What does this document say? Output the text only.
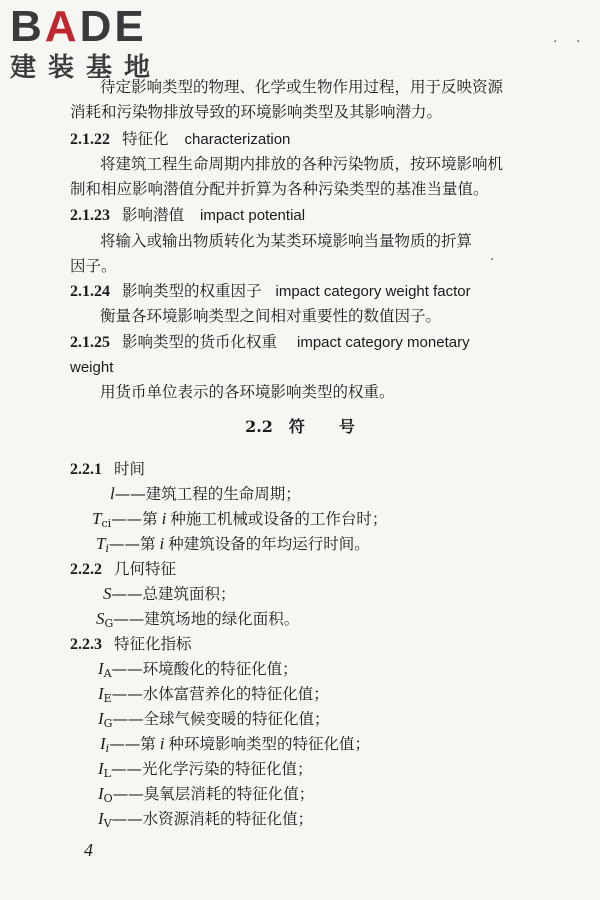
BADE
建装基地
· ·
·
待定影响类型的物理、化学或生物作用过程，用于反映资源
消耗和污染物排放导致的环境影响类型及其影响潜力。
2.1.22 特征化 characterization
将建筑工程生命周期内排放的各种污染物质，按环境影响机
制和相应影响潜值分配并折算为各种污染类型的基准当量值。
2.1.23 影响潜值 impact potential
将输入或输出物质转化为某类环境影响当量物质的折算
因子。
2.1.24 影响类型的权重因子 impact category weight factor
衡量各环境影响类型之间相对重要性的数值因子。
2.1.25 影响类型的货币化权重 impact category monetary
weight
用货币单位表示的各环境影响类型的权重。
2.2 符 号
2.2.1 时间
l——建筑工程的生命周期；
$T_{ci}——$第 i 种施工机械或设备的工作台时；
Ti——第 i 种建筑设备的年均运行时间。
2.2.2 几何特征
S——总建筑面积；
$S_G——$建筑场地的绿化面积。
2.2.3 特征化指标
$I_A——$环境酸化的特征化值；
$I_E——$水体富营养化的特征化值；
$I_G——$全球气候变暖的特征化值；
Ii——第 i 种环境影响类型的特征化值；
$I_L——$光化学污染的特征化值；
$I_O——$臭氧层消耗的特征化值；
$I_V——$水资源消耗的特征化值；
4
